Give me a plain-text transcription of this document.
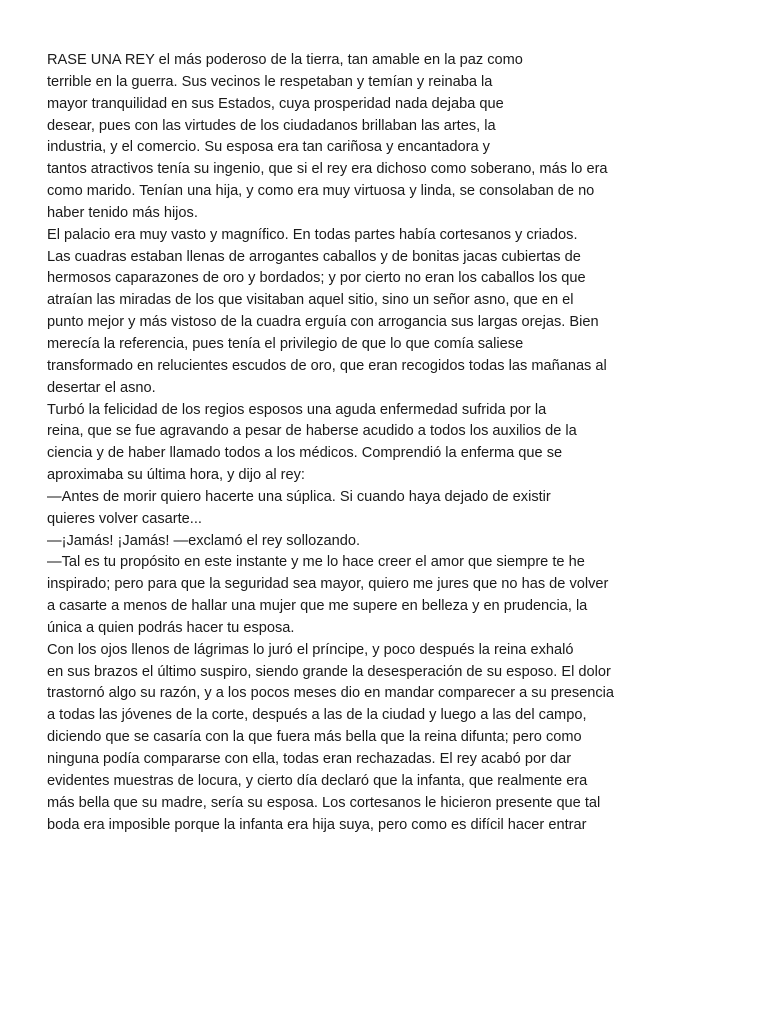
RASE UNA REY el más poderoso de la tierra, tan amable en la paz como
terrible en la guerra. Sus vecinos le respetaban y temían y reinaba la
mayor tranquilidad en sus Estados, cuya prosperidad nada dejaba que
desear, pues con las virtudes de los ciudadanos brillaban las artes, la
industria, y el comercio. Su esposa era tan cariñosa y encantadora y
tantos atractivos tenía su ingenio, que si el rey era dichoso como soberano, más lo era
como marido. Tenían una hija, y como era muy virtuosa y linda, se consolaban de no
haber tenido más hijos.
El palacio era muy vasto y magnífico. En todas partes había cortesanos y criados.
Las cuadras estaban llenas de arrogantes caballos y de bonitas jacas cubiertas de
hermosos caparazones de oro y bordados; y por cierto no eran los caballos los que
atraían las miradas de los que visitaban aquel sitio, sino un señor asno, que en el
punto mejor y más vistoso de la cuadra erguía con arrogancia sus largas orejas. Bien
merecía la referencia, pues tenía el privilegio de que lo que comía saliese
transformado en relucientes escudos de oro, que eran recogidos todas las mañanas al
desertar el asno.
Turbó la felicidad de los regios esposos una aguda enfermedad sufrida por la
reina, que se fue agravando a pesar de haberse acudido a todos los auxilios de la
ciencia y de haber llamado todos a los médicos. Comprendió la enferma que se
aproximaba su última hora, y dijo al rey:
—Antes de morir quiero hacerte una súplica. Si cuando haya dejado de existir
quieres volver casarte...
—¡Jamás! ¡Jamás! —exclamó el rey sollozando.
—Tal es tu propósito en este instante y me lo hace creer el amor que siempre te he
inspirado; pero para que la seguridad sea mayor, quiero me jures que no has de volver
a casarte a menos de hallar una mujer que me supere en belleza y en prudencia, la
única a quien podrás hacer tu esposa.
Con los ojos llenos de lágrimas lo juró el príncipe, y poco después la reina exhaló
en sus brazos el último suspiro, siendo grande la desesperación de su esposo. El dolor
trastornó algo su razón, y a los pocos meses dio en mandar comparecer a su presencia
a todas las jóvenes de la corte, después a las de la ciudad y luego a las del campo,
diciendo que se casaría con la que fuera más bella que la reina difunta; pero como
ninguna podía compararse con ella, todas eran rechazadas. El rey acabó por dar
evidentes muestras de locura, y cierto día declaró que la infanta, que realmente era
más bella que su madre, sería su esposa. Los cortesanos le hicieron presente que tal
boda era imposible porque la infanta era hija suya, pero como es difícil hacer entrar
